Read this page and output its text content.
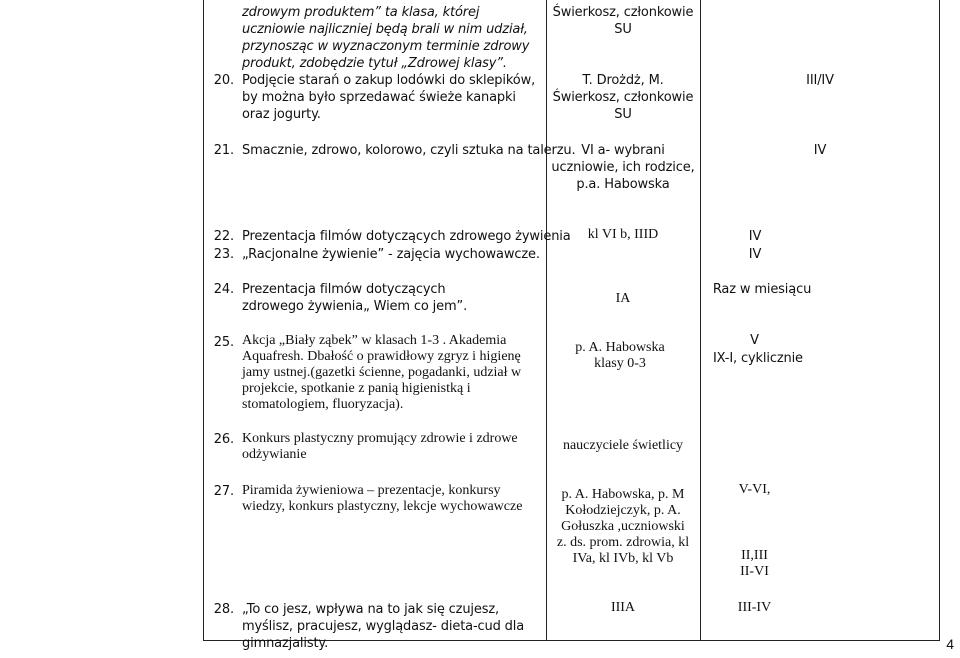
zdrowym produktem” ta klasa, której uczniowie najliczniej będą brali w nim udział, przynosząc w wyznaczonym terminie zdrowy produkt, zdobędzie tytuł „Zdrowej klasy”.
Świerkosz, członkowie SU
20. Podjęcie starań o zakup lodówki do sklepików, by można było sprzedawać świeże kanapki oraz jogurty.
T. Drożdż, M. Świerkosz, członkowie SU
III/IV
21. Smacznie, zdrowo, kolorowo, czyli sztuka na talerzu. VI a- wybrani uczniowie, ich rodzice, p.a. Habowska
IV
22. Prezentacja filmów dotyczących zdrowego żywienia
23. „Racjonalne żywienie” - zajęcia wychowawcze.
kl VI b, IIID	IV
IV
24. Prezentacja filmów dotyczących zdrowego żywienia„ Wiem co jem”.
IA
Raz w miesiącu
25. Akcja „Biały ząbek” w klasach 1-3 . Akademia Aquafresh. Dbałość o prawidłowy zgryz i higienę jamy ustnej.(gazetki ścienne, pogadanki, udział w projekcie, spotkanie z panią higienistką i stomatologiem, fluoryzacja).
p. A. Habowska klasy 0-3
V
IX-I, cyklicznie
26. Konkurs plastyczny promujący zdrowie i zdrowe odżywianie
nauczyciele świetlicy
27. Piramida żywieniowa – prezentacje, konkursy wiedzy, konkurs plastyczny, lekcje wychowawcze
p. A. Habowska, p. M Kołodziejczyk, p. A. Gołuszka ,uczniowski z. ds. prom. zdrowia, kl IVa, kl IVb, kl Vb
V-VI,
II,III
II-VI
28. „To co jesz, wpływa na to jak się czujesz, myślisz, pracujesz, wyglądasz- dieta-cud dla gimnazjalisty.
IIIA	III-IV
4
